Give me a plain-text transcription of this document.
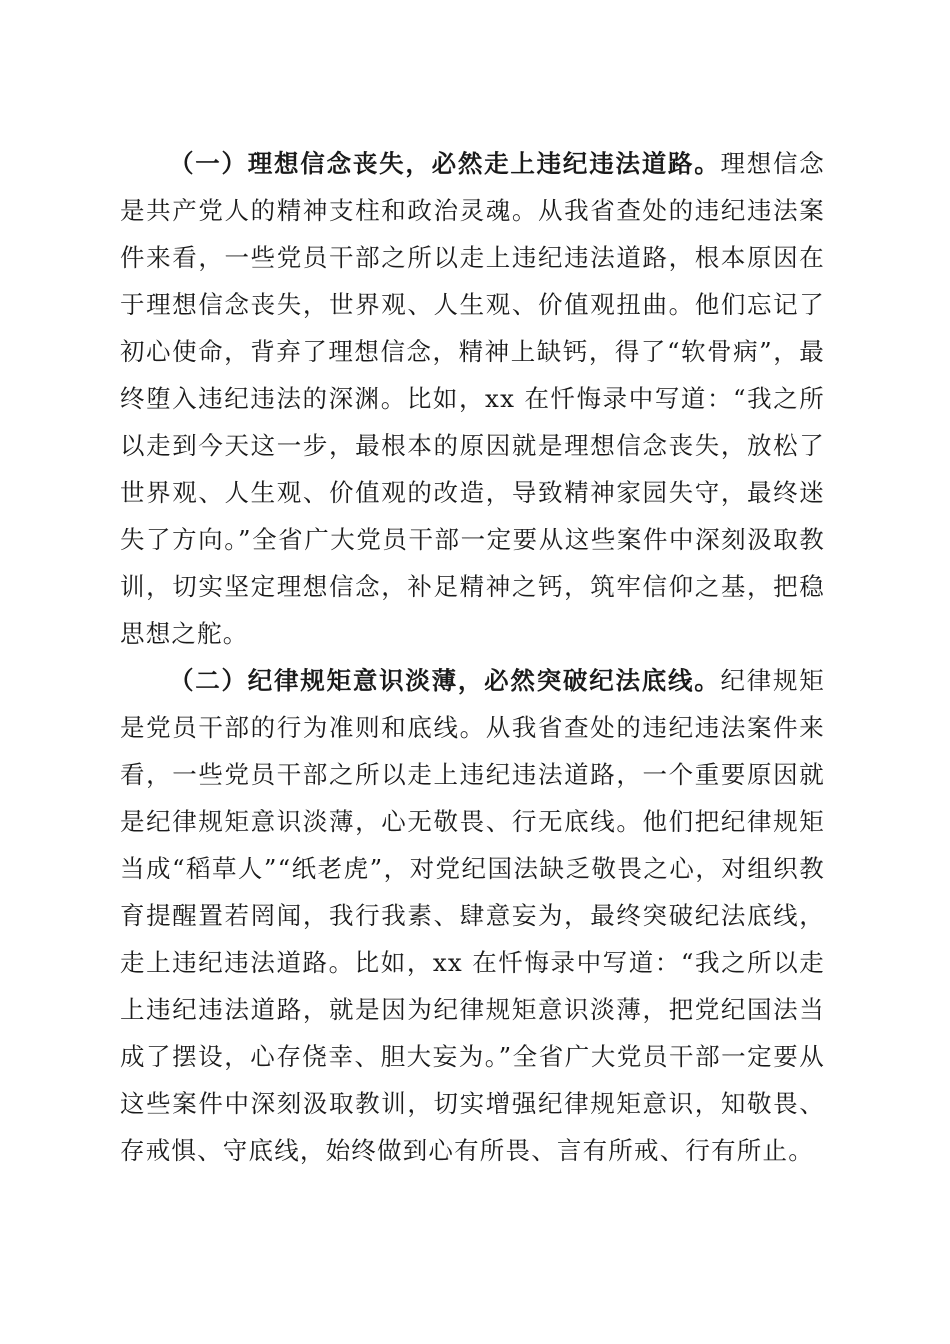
（一）理想信念丧失，必然走上违纪违法道路。理想信念是共产党人的精神支柱和政治灵魂。从我省查处的违纪违法案件来看，一些党员干部之所以走上违纪违法道路，根本原因在于理想信念丧失，世界观、人生观、价值观扭曲。他们忘记了初心使命，背弃了理想信念，精神上缺钙，得了“软骨病”，最终堕入违纪违法的深渊。比如，xx 在忏悔录中写道：“我之所以走到今天这一步，最根本的原因就是理想信念丧失，放松了世界观、人生观、价值观的改造，导致精神家园失守，最终迷失了方向。”全省广大党员干部一定要从这些案件中深刻汲取教训，切实坚定理想信念，补足精神之钙，筑牢信仰之基，把稳思想之舵。

（二）纪律规矩意识淡薄，必然突破纪法底线。纪律规矩是党员干部的行为准则和底线。从我省查处的违纪违法案件来看，一些党员干部之所以走上违纪违法道路，一个重要原因就是纪律规矩意识淡薄，心无敬畏、行无底线。他们把纪律规矩当成“稻草人”“纸老虎”，对党纪国法缺乏敬畏之心，对组织教育提醒置若罔闻，我行我素、肆意妄为，最终突破纪法底线，走上违纪违法道路。比如，xx 在忏悔录中写道：“我之所以走上违纪违法道路，就是因为纪律规矩意识淡薄，把党纪国法当成了摆设，心存侥幸、胆大妄为。”全省广大党员干部一定要从这些案件中深刻汲取教训，切实增强纪律规矩意识，知敬畏、存戒惧、守底线，始终做到心有所畏、言有所戒、行有所止。
